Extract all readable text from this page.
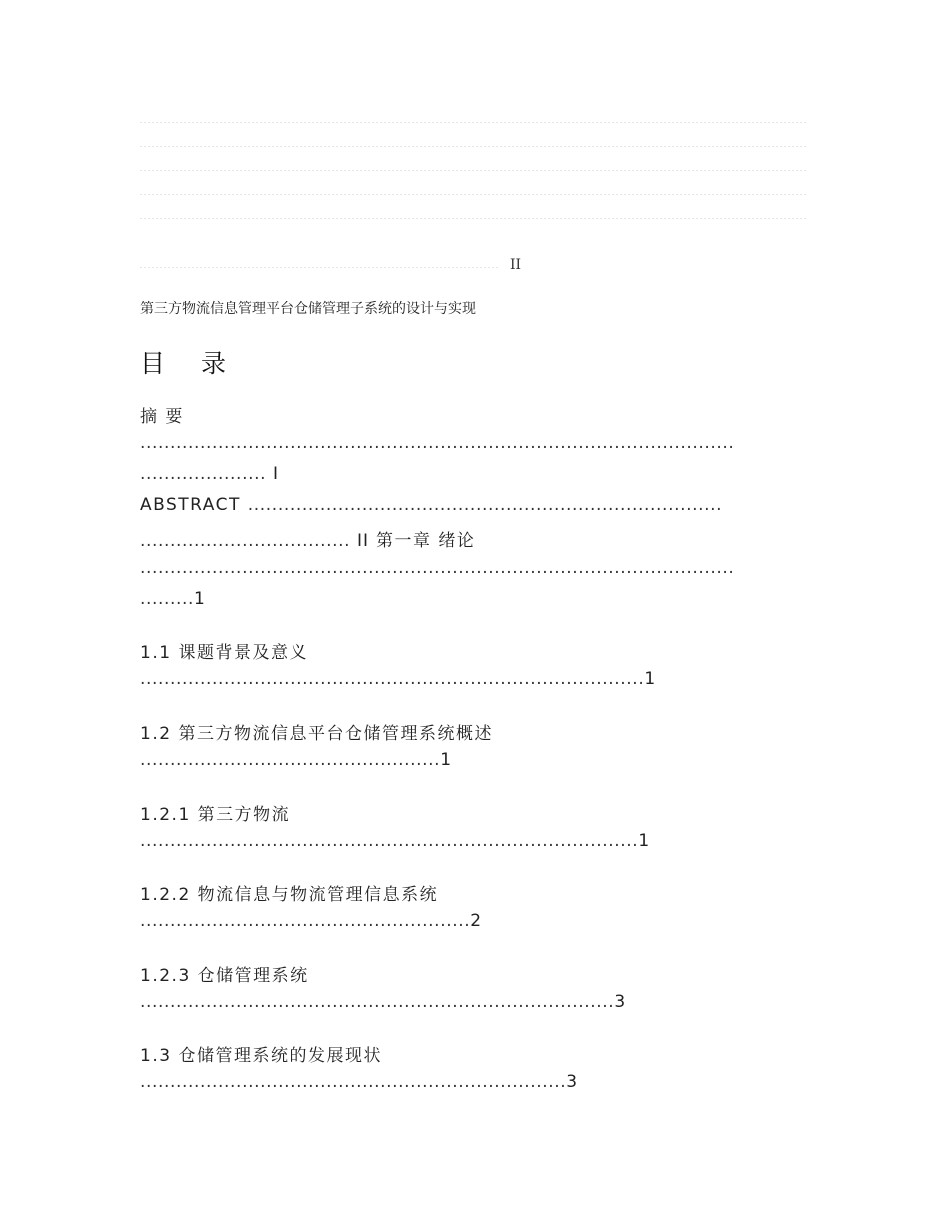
II
第三方物流信息管理平台仓储管理子系统的设计与实现
目 录
摘 要
...................................................................................................
..................... I
ABSTRACT ...............................................................................
................................... II 第一章 绪论
...................................................................................................
.........1
1.1 课题背景及意义
....................................................................................1
1.2 第三方物流信息平台仓储管理系统概述
..................................................1
1.2.1 第三方物流
...................................................................................1
1.2.2 物流信息与物流管理信息系统
.......................................................2
1.2.3 仓储管理系统
...............................................................................3
1.3 仓储管理系统的发展现状
.......................................................................3
